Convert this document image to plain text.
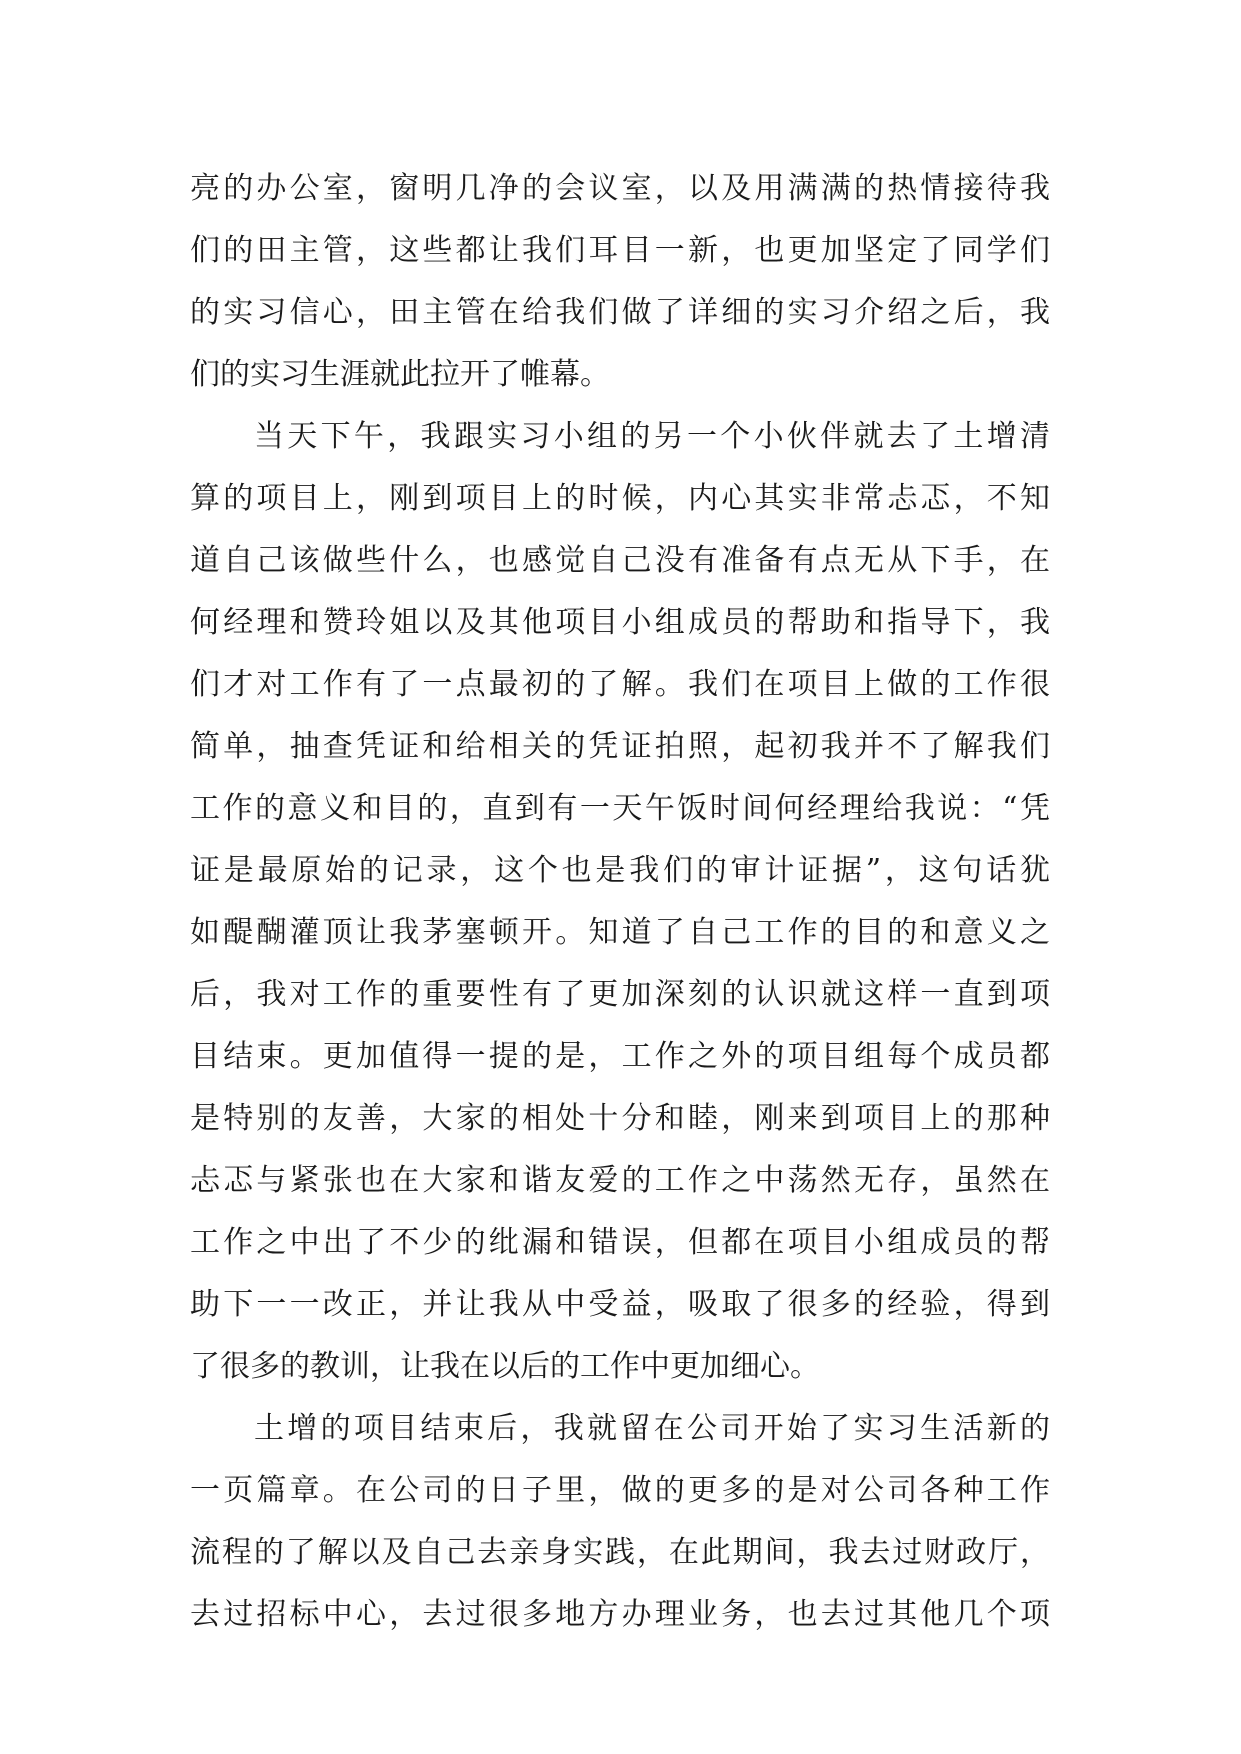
亮的办公室，窗明几净的会议室，以及用满满的热情接待我
们的田主管，这些都让我们耳目一新，也更加坚定了同学们
的实习信心，田主管在给我们做了详细的实习介绍之后，我
们的实习生涯就此拉开了帷幕。
当天下午，我跟实习小组的另一个小伙伴就去了土增清
算的项目上，刚到项目上的时候，内心其实非常忐忑，不知
道自己该做些什么，也感觉自己没有准备有点无从下手，在
何经理和赞玲姐以及其他项目小组成员的帮助和指导下，我
们才对工作有了一点最初的了解。我们在项目上做的工作很
简单，抽查凭证和给相关的凭证拍照，起初我并不了解我们
工作的意义和目的，直到有一天午饭时间何经理给我说：“凭
证是最原始的记录，这个也是我们的审计证据”，这句话犹
如醍醐灌顶让我茅塞顿开。知道了自己工作的目的和意义之
后，我对工作的重要性有了更加深刻的认识就这样一直到项
目结束。更加值得一提的是，工作之外的项目组每个成员都
是特别的友善，大家的相处十分和睦，刚来到项目上的那种
忐忑与紧张也在大家和谐友爱的工作之中荡然无存，虽然在
工作之中出了不少的纰漏和错误，但都在项目小组成员的帮
助下一一改正，并让我从中受益，吸取了很多的经验，得到
了很多的教训，让我在以后的工作中更加细心。
土增的项目结束后，我就留在公司开始了实习生活新的
一页篇章。在公司的日子里，做的更多的是对公司各种工作
流程的了解以及自己去亲身实践，在此期间，我去过财政厅，
去过招标中心，去过很多地方办理业务，也去过其他几个项
